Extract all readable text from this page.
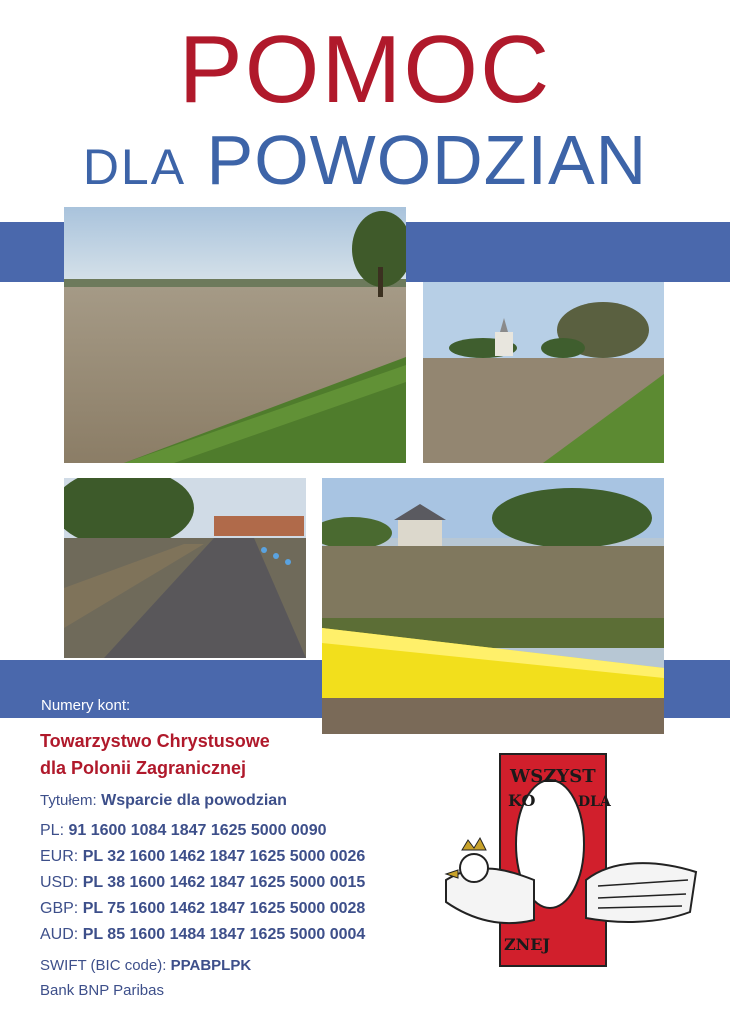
POMOC
DLA POWODZIAN
Numery kont:
Towarzystwo Chrystusowe
dla Polonii Zagranicznej
Tytułem: Wsparcie dla powodzian
PL: 91 1600 1084 1847 1625 5000 0090
EUR: PL 32 1600 1462 1847 1625 5000 0026
USD: PL 38 1600 1462 1847 1625 5000 0015
GBP: PL 75 1600 1462 1847 1625 5000 0028
AUD: PL 85 1600 1484 1847 1625 5000 0004
SWIFT (BIC code): PPABPLPK
Bank BNP Paribas
WSZYST
KO	DLA
ZNEJ
